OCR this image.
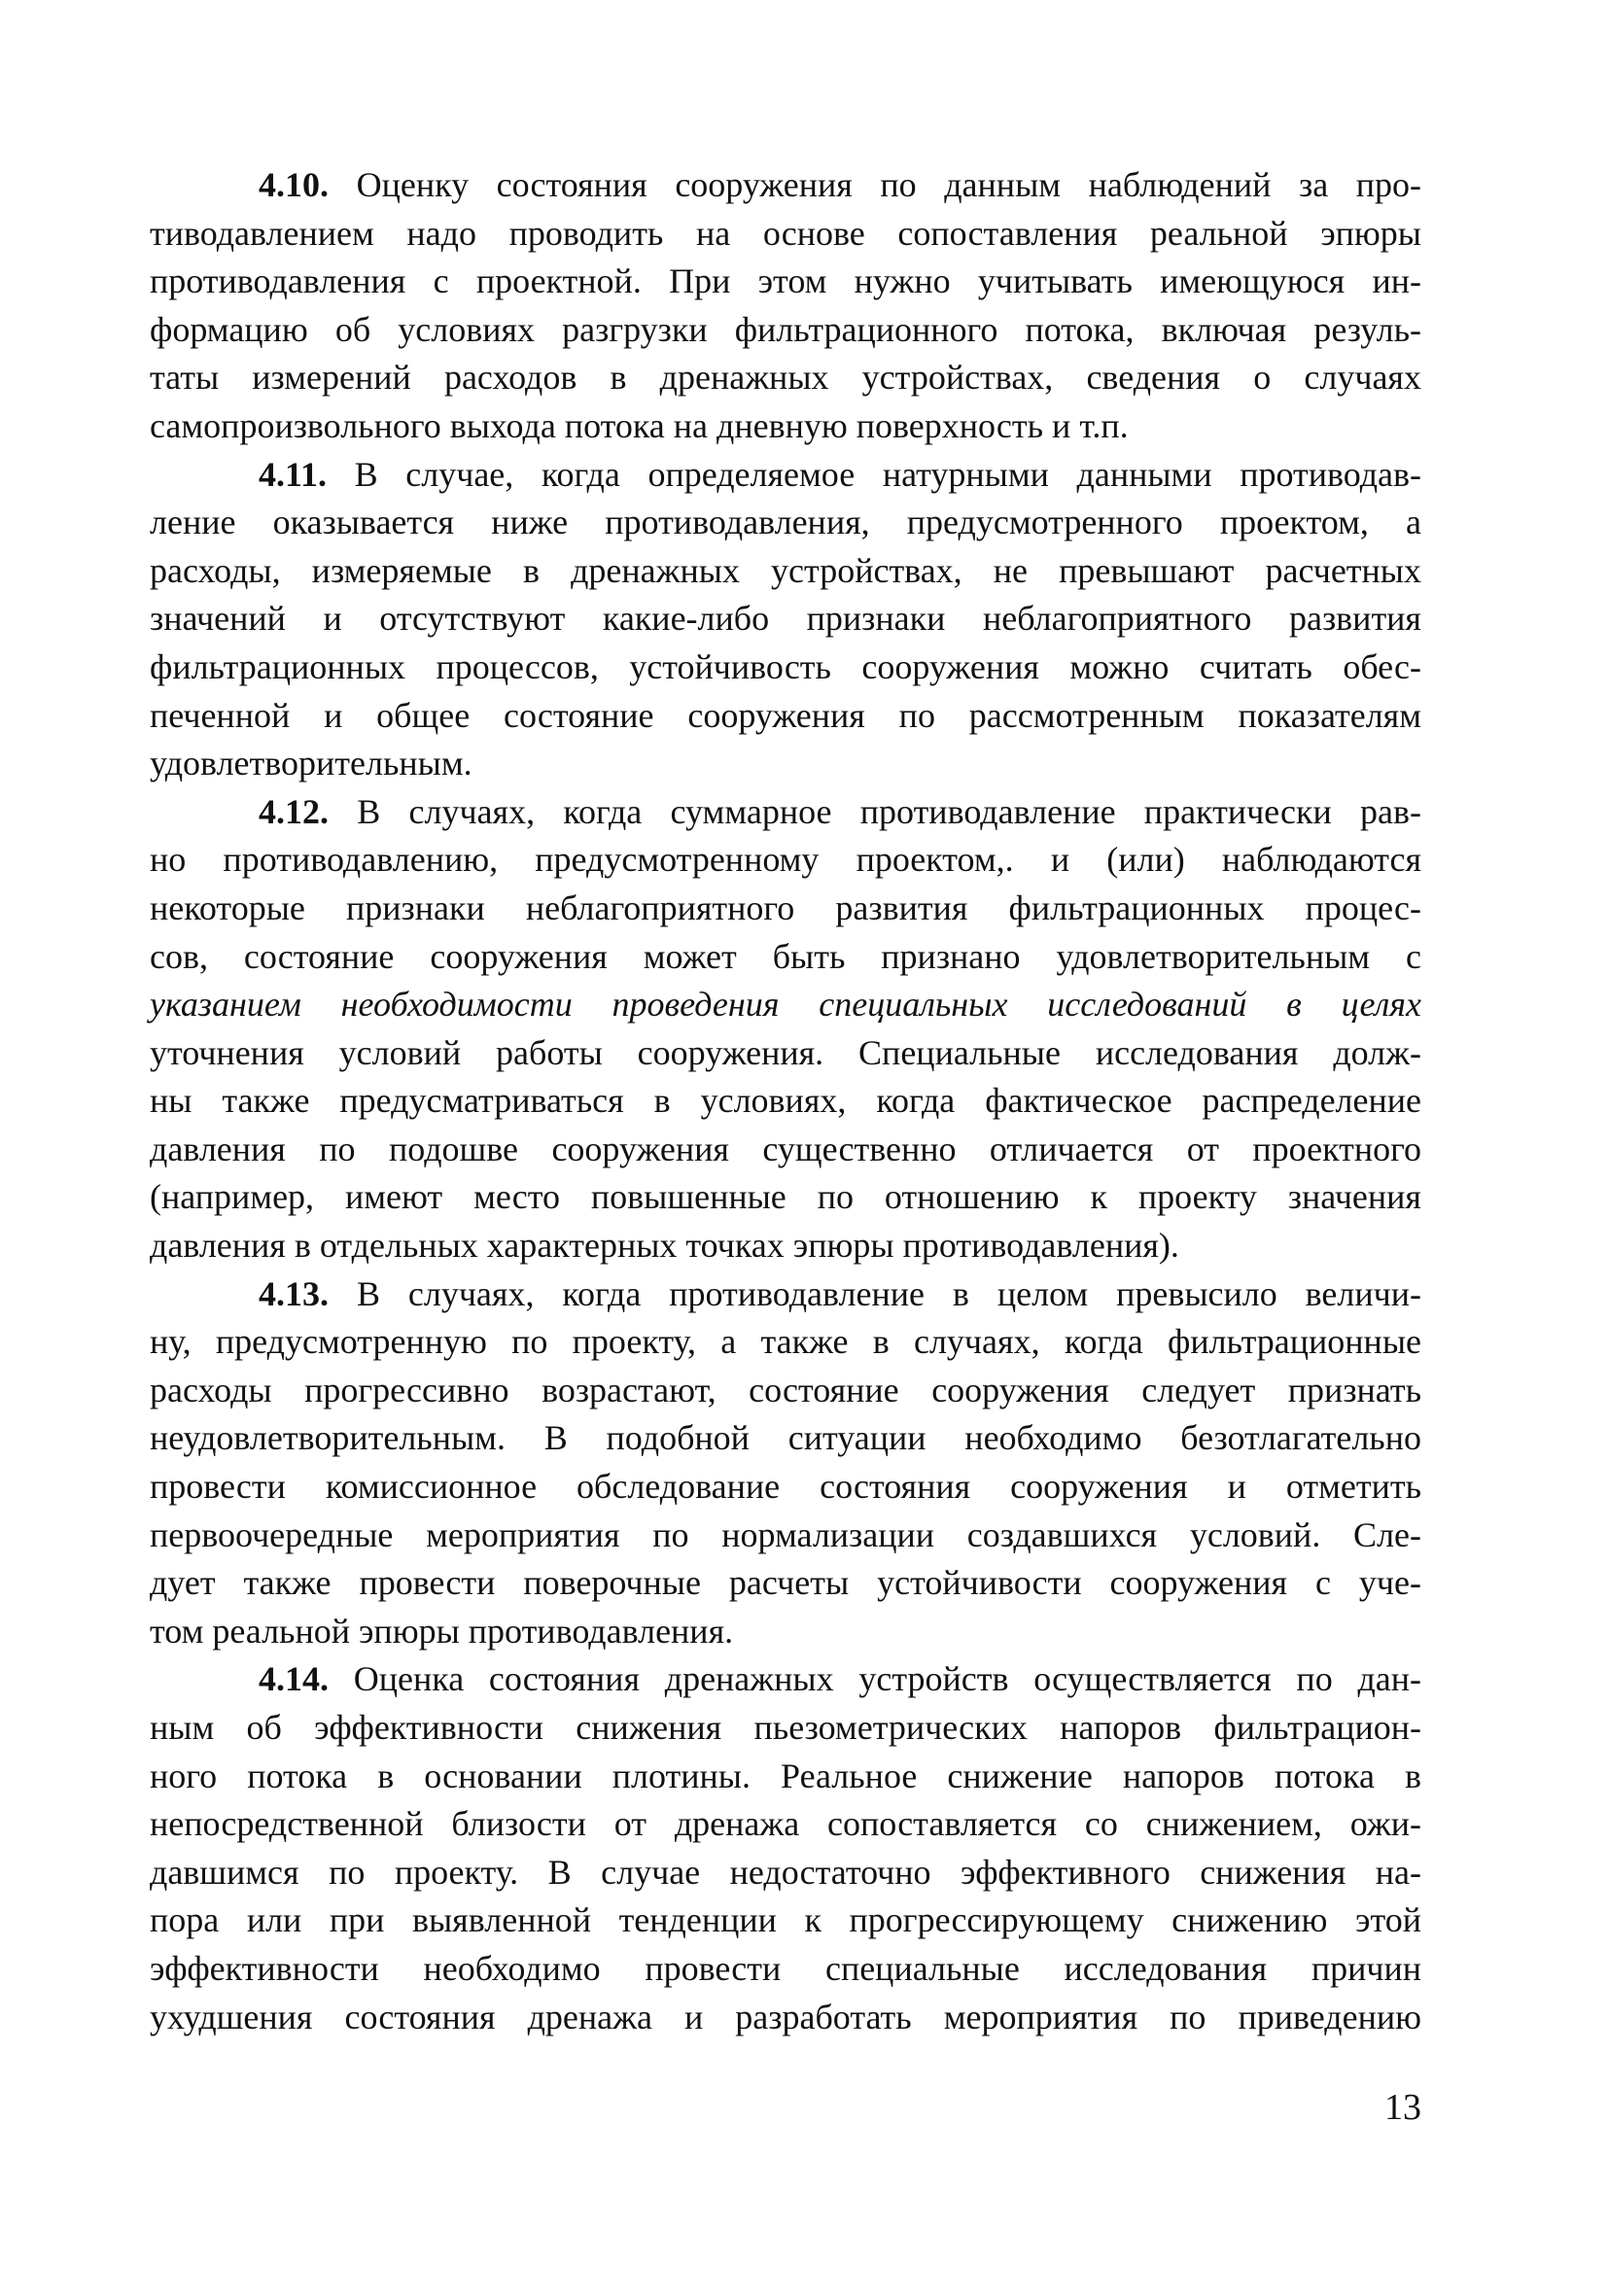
4.10. Оценку состояния сооружения по данным наблюдений за про-
тиводавлением надо проводить на основе сопоставления реальной эпюры
противодавления с проектной. При этом нужно учитывать имеющуюся ин-
формацию об условиях разгрузки фильтрационного потока, включая резуль-
таты измерений расходов в дренажных устройствах, сведения о случаях
самопроизвольного выхода потока на дневную поверхность и т.п.
4.11. В случае, когда определяемое натурными данными противодав-
ление оказывается ниже противодавления, предусмотренного проектом, а
расходы, измеряемые в дренажных устройствах, не превышают расчетных
значений и отсутствуют какие-либо признаки неблагоприятного развития
фильтрационных процессов, устойчивость сооружения можно считать обес-
печенной и общее состояние сооружения по рассмотренным показателям
удовлетворительным.
4.12. В случаях, когда суммарное противодавление практически рав-
но противодавлению, предусмотренному проектом,. и (или) наблюдаются
некоторые признаки неблагоприятного развития фильтрационных процес-
сов, состояние сооружения может быть признано удовлетворительным с
указанием необходимости проведения специальных исследований в целях
уточнения условий работы сооружения. Специальные исследования долж-
ны также предусматриваться в условиях, когда фактическое распределение
давления по подошве сооружения существенно отличается от проектного
(например, имеют место повышенные по отношению к проекту значения
давления в отдельных характерных точках эпюры противодавления).
4.13. В случаях, когда противодавление в целом превысило величи-
ну, предусмотренную по проекту, а также в случаях, когда фильтрационные
расходы прогрессивно возрастают, состояние сооружения следует признать
неудовлетворительным. В подобной ситуации необходимо безотлагательно
провести комиссионное обследование состояния сооружения и отметить
первоочередные мероприятия по нормализации создавшихся условий. Сле-
дует также провести поверочные расчеты устойчивости сооружения с уче-
том реальной эпюры противодавления.
4.14. Оценка состояния дренажных устройств осуществляется по дан-
ным об эффективности снижения пьезометрических напоров фильтрацион-
ного потока в основании плотины. Реальное снижение напоров потока в
непосредственной близости от дренажа сопоставляется со снижением, ожи-
давшимся по проекту. В случае недостаточно эффективного снижения на-
пора или при выявленной тенденции к прогрессирующему снижению этой
эффективности необходимо провести специальные исследования причин
ухудшения состояния дренажа и разработать мероприятия по приведению
13
